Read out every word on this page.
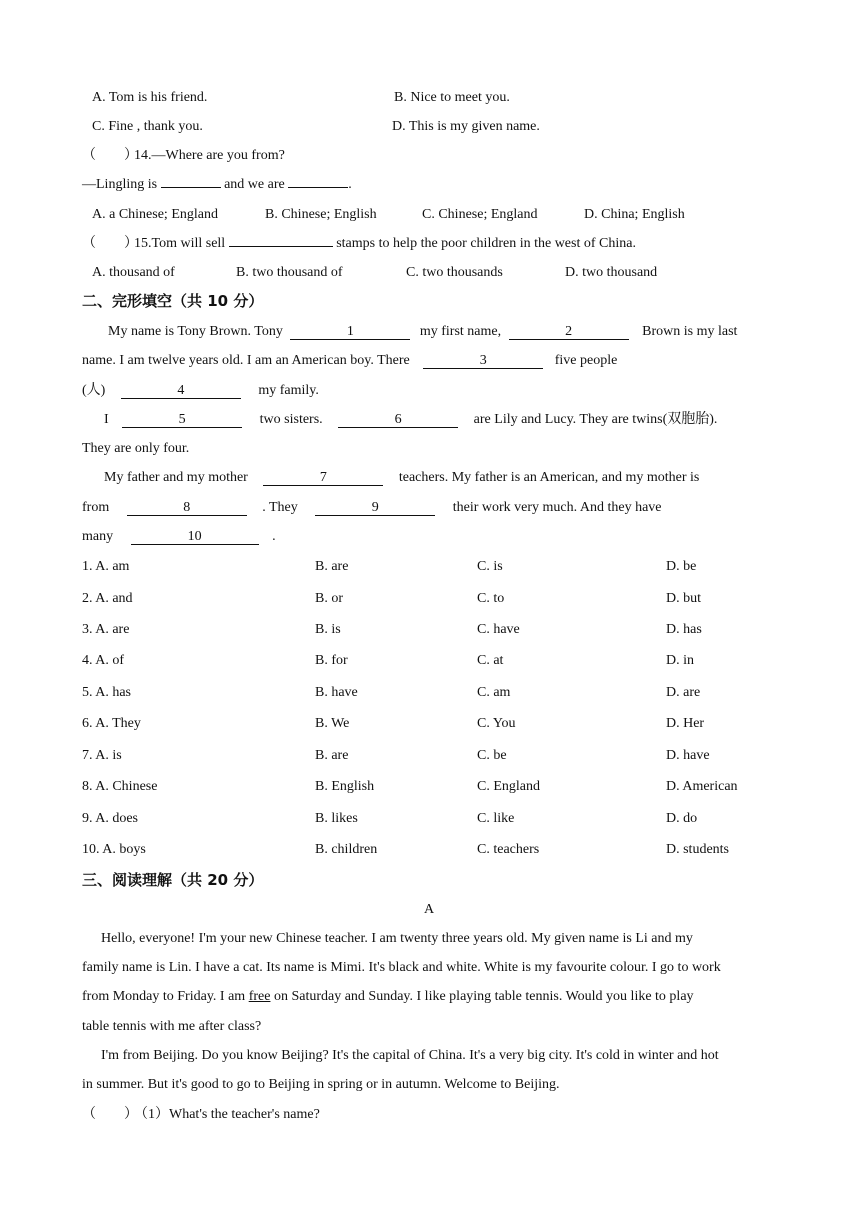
A. Tom is his friend.	B. Nice to meet you.
C. Fine , thank you.	D. This is my given name.
（　　）14.—Where are you from?
—Lingling is	and we are	.
A. a Chinese; England	B. Chinese; English	C. Chinese; England	D. China; English
（　　）15.Tom will sell	stamps to help the poor children in the west of China.
A. thousand of	B. two thousand of	C. two thousands	D. two thousand
二、完形填空（共 10 分）
My name is Tony Brown. Tony	1	my first name,	2	Brown is my last
name. I am twelve years old. I am an American boy. There	3	five people
(人)	4	my family.
I	5	two sisters.	6	are Lily and Lucy. They are twins(双胞胎).
They are only four.
My father and my mother	7	teachers. My father is an American, and my mother is
from	8	. They	9	their work very much. And they have
many	10	.
1. A. am	B. are	C. is	D. be
2. A. and	B. or	C. to	D. but
3. A. are	B. is	C. have	D. has
4. A. of	B. for	C. at	D. in
5. A. has	B. have	C. am	D. are
6. A. They	B. We	C. You	D. Her
7. A. is	B. are	C. be	D. have
8. A. Chinese	B. English	C. England	D. American
9. A. does	B. likes	C. like	D. do
10. A. boys	B. children	C. teachers	D. students
三、阅读理解（共 20 分）
A
Hello, everyone! I'm your new Chinese teacher. I am twenty three years old. My given name is Li and my
family name is Lin. I have a cat. Its name is Mimi. It's black and white. White is my favourite colour. I go to work
from Monday to Friday. I am free on Saturday and Sunday. I like playing table tennis. Would you like to play
table tennis with me after class?
I'm from Beijing. Do you know Beijing? It's the capital of China. It's a very big city. It's cold in winter and hot
in summer. But it's good to go to Beijing in spring or in autumn. Welcome to Beijing.
（　　）（1）What's the teacher's name?
